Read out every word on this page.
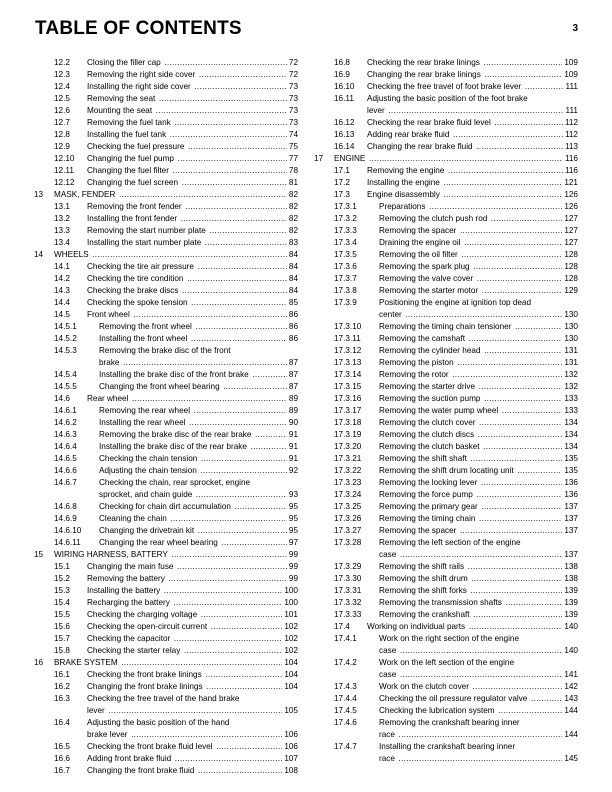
TABLE OF CONTENTS	3
12.2 Closing the filler cap .....	72
12.3 Removing the right side cover .....	72
12.4 Installing the right side cover .....	73
12.5 Removing the seat .....	73
12.6 Mounting the seat .....	73
12.7 Removing the fuel tank .....	73
12.8 Installing the fuel tank .....	74
12.9 Checking the fuel pressure .....	75
12.10 Changing the fuel pump .....	77
12.11 Changing the fuel filter .....	78
12.12 Changing the fuel screen .....	81
13 MASK, FENDER .....	82
13.1 Removing the front fender .....	82
13.2 Installing the front fender .....	82
13.3 Removing the start number plate .....	82
13.4 Installing the start number plate .....	83
14 WHEELS .....	84
14.1 Checking the tire air pressure .....	84
14.2 Checking the tire condition .....	84
14.3 Checking the brake discs .....	84
14.4 Checking the spoke tension .....	85
14.5 Front wheel .....	86
14.5.1	Removing the front wheel .....	86
14.5.2	Installing the front wheel .....	86
14.5.3	Removing the brake disc of the front
brake .....	87
14.5.4	Installing the brake disc of the front brake .....	87
14.5.5	Changing the front wheel bearing .....	87
14.6 Rear wheel .....	89
14.6.1	Removing the rear wheel .....	89
14.6.2	Installing the rear wheel .....	90
14.6.3	Removing the brake disc of the rear brake .....	91
14.6.4	Installing the brake disc of the rear brake .....	91
14.6.5	Checking the chain tension .....	91
14.6.6	Adjusting the chain tension .....	92
14.6.7	Checking the chain, rear sprocket, engine
sprocket, and chain guide .....	93
14.6.8	Checking for chain dirt accumulation .....	95
14.6.9	Cleaning the chain .....	95
14.6.10 Changing the drivetrain kit .....	95
14.6.11 Changing the rear wheel bearing .....	97
15 WIRING HARNESS, BATTERY .....	99
15.1 Changing the main fuse .....	99
15.2 Removing the battery .....	99
15.3 Installing the battery .....	100
15.4 Recharging the battery .....	100
15.5 Checking the charging voltage .....	101
15.6 Checking the open-circuit current .....	102
15.7 Checking the capacitor .....	102
15.8 Checking the starter relay .....	102
16 BRAKE SYSTEM .....	104
16.1 Checking the front brake linings .....	104
16.2 Changing the front brake linings .....	104
16.3 Checking the free travel of the hand brake
lever .....	105
16.4 Adjusting the basic position of the hand
brake lever .....	106
16.5 Checking the front brake fluid level .....	106
16.6 Adding front brake fluid .....	107
16.7 Changing the front brake fluid .....	108
16.8 Checking the rear brake linings .....	109
16.9 Changing the rear brake linings .....	109
16.10 Checking the free travel of foot brake lever .....	111
16.11 Adjusting the basic position of the foot brake
lever .....	111
16.12 Checking the rear brake fluid level .....	112
16.13 Adding rear brake fluid .....	112
16.14 Changing the rear brake fluid .....	113
17 ENGINE .....	116
17.1 Removing the engine .....	116
17.2 Installing the engine .....	121
17.3 Engine disassembly .....	126
17.3.1	Preparations .....	126
17.3.2	Removing the clutch push rod .....	127
17.3.3	Removing the spacer .....	127
17.3.4	Draining the engine oil .....	127
17.3.5	Removing the oil filter .....	128
17.3.6	Removing the spark plug .....	128
17.3.7	Removing the valve cover .....	128
17.3.8	Removing the starter motor .....	129
17.3.9	Positioning the engine at ignition top dead
center .....	130
17.3.10 Removing the timing chain tensioner .....	130
17.3.11 Removing the camshaft .....	130
17.3.12 Removing the cylinder head .....	131
17.3.13 Removing the piston .....	131
17.3.14 Removing the rotor .....	132
17.3.15 Removing the starter drive .....	132
17.3.16 Removing the suction pump .....	133
17.3.17 Removing the water pump wheel .....	133
17.3.18 Removing the clutch cover .....	134
17.3.19 Removing the clutch discs .....	134
17.3.20 Removing the clutch basket .....	134
17.3.21 Removing the shift shaft .....	135
17.3.22 Removing the shift drum locating unit .....	135
17.3.23 Removing the locking lever .....	136
17.3.24 Removing the force pump .....	136
17.3.25 Removing the primary gear .....	137
17.3.26 Removing the timing chain .....	137
17.3.27 Removing the spacer .....	137
17.3.28 Removing the left section of the engine
case .....	137
17.3.29 Removing the shift rails .....	138
17.3.30 Removing the shift drum .....	138
17.3.31 Removing the shift forks .....	139
17.3.32 Removing the transmission shafts .....	139
17.3.33 Removing the crankshaft .....	139
17.4 Working on individual parts .....	140
17.4.1	Work on the right section of the engine
case .....	140
17.4.2	Work on the left section of the engine
case .....	141
17.4.3	Work on the clutch cover .....	142
17.4.4	Checking the oil pressure regulator valve .....	143
17.4.5	Checking the lubrication system .....	144
17.4.6	Removing the crankshaft bearing inner
race .....	144
17.4.7	Installing the crankshaft bearing inner
race .....	145
